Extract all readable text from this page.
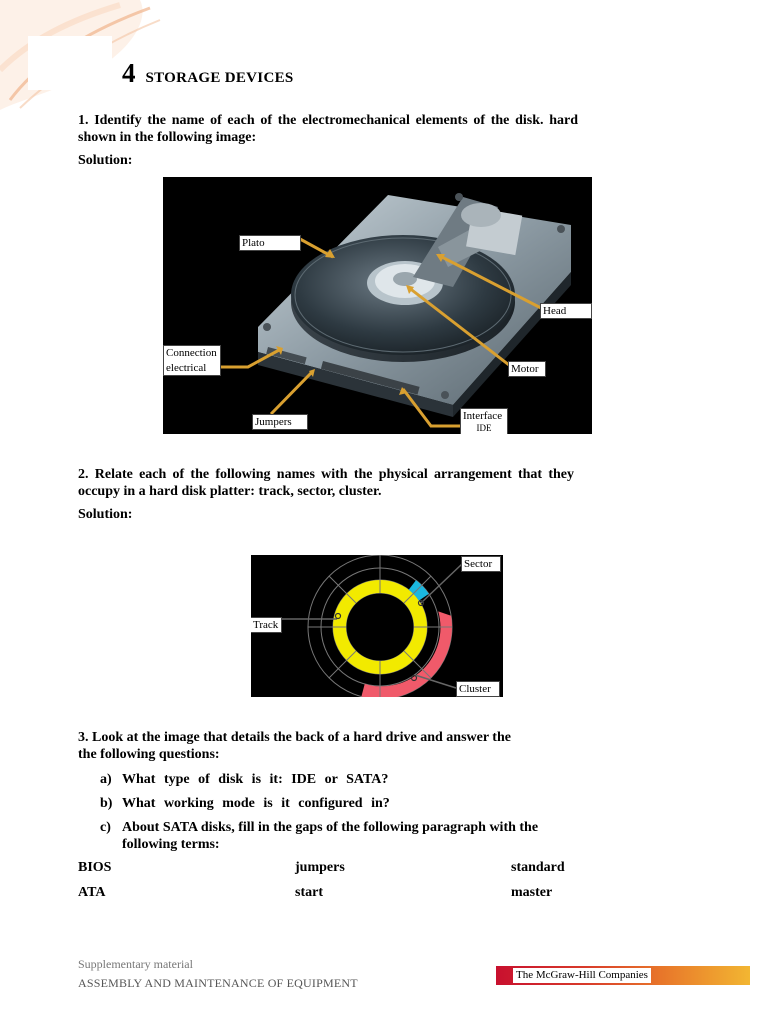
4 STORAGE DEVICES
1. Identify the name of each of the electromechanical elements of the disk. hard shown in the following image:
Solution:
Plato
Head
Connection
electrical	Motor
Jumpers	Interface
IDE
2. Relate each of the following names with the physical arrangement that they occupy in a hard disk platter: track, sector, cluster.
Solution:
Sector
Track
Cluster
3. Look at the image that details the back of a hard drive and answer the
the following questions:
a) What type of disk is it: IDE or SATA?
b) What working mode is it configured in?
c) About SATA disks, fill in the gaps of the following paragraph with the
following terms:
BIOS	jumpers	standard
ATA	start	master
Supplementary material
ASSEMBLY AND MAINTENANCE OF EQUIPMENT
The McGraw-Hill Companies
